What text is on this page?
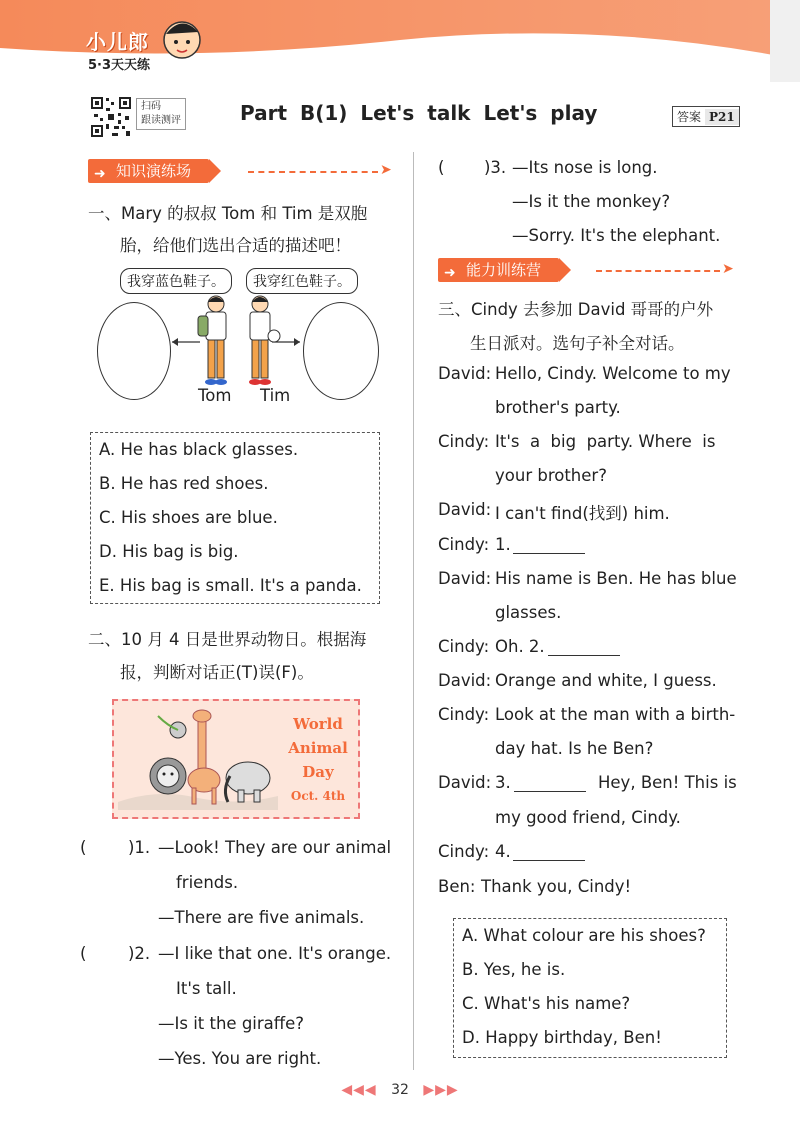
小儿郎
5·3天天练
扫码
跟读测评	Part B(1) Let's talk Let's play	答案 P21
➜ 知识演练场	➤
一、Mary 的叔叔 Tom 和 Tim 是双胞
胎，给他们选出合适的描述吧！
我穿蓝色鞋子。	我穿红色鞋子。
Tom Tim
A. He has black glasses.
B. He has red shoes.
C. His shoes are blue.
D. His bag is big.
E. His bag is small. It's a panda.
二、10 月 4 日是世界动物日。根据海
报，判断对话正(T)误(F)。
World
Animal
Day
Oct. 4th
(	)1. —Look! They are our animal
friends.
—There are five animals.
(	)2. —I like that one. It's orange.
It's tall.
—Is it the giraffe?
—Yes. You are right.
( )3. —Its nose is long.
—Is it the monkey?
—Sorry. It's the elephant.
➜ 能力训练营	➤
三、Cindy 去参加 David 哥哥的户外
生日派对。选句子补全对话。
David: Hello, Cindy. Welcome to my
brother's party.
Cindy: It's  a  big  party. Where  is
your brother?
David: I can't find(找到) him.
Cindy: 1.
David: His name is Ben. He has blue
glasses.
Cindy: Oh. 2.
David: Orange and white, I guess.
Cindy: Look at the man with a birth-
day hat. Is he Ben?
David: 3.	Hey, Ben! This is
my good friend, Cindy.
Cindy: 4.
Ben: Thank you, Cindy!
A. What colour are his shoes?
B. Yes, he is.
C. What's his name?
D. Happy birthday, Ben!
◀◀◀ 32 ▶▶▶
